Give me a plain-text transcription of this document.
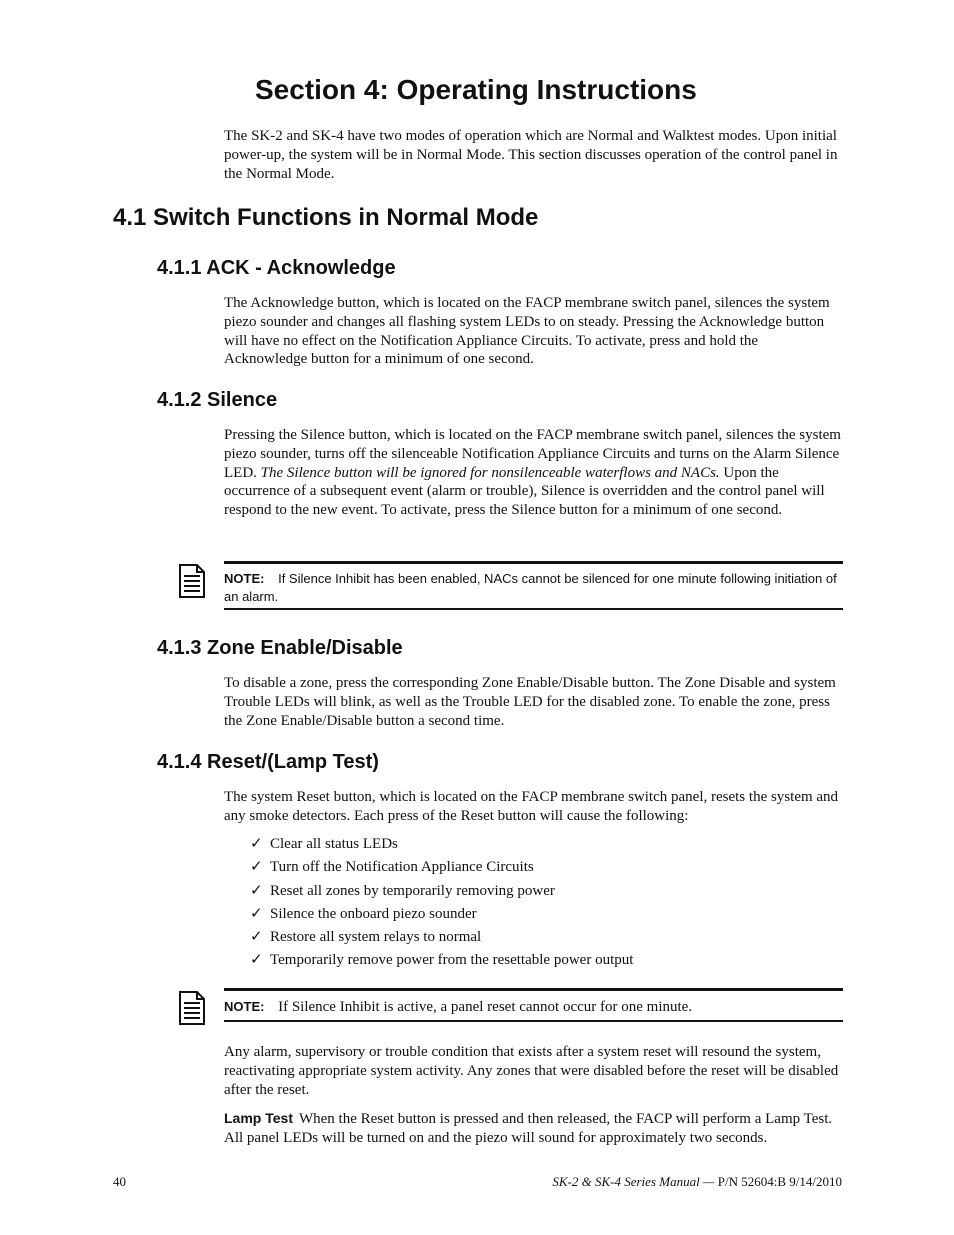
Section 4: Operating Instructions

The SK-2 and SK-4 have two modes of operation which are Normal and Walktest modes. Upon initial power-up, the system will be in Normal Mode. This section discusses operation of the control panel in the Normal Mode.

4.1 Switch Functions in Normal Mode
4.1.1 ACK - Acknowledge

The Acknowledge button, which is located on the FACP membrane switch panel, silences the system piezo sounder and changes all flashing system LEDs to on steady. Pressing the Acknowledge button will have no effect on the Notification Appliance Circuits. To activate, press and hold the Acknowledge button for a minimum of one second.

4.1.2 Silence

Pressing the Silence button, which is located on the FACP membrane switch panel, silences the system piezo sounder, turns off the silenceable Notification Appliance Circuits and turns on the Alarm Silence LED. The Silence button will be ignored for nonsilenceable waterflows and NACs. Upon the occurrence of a subsequent event (alarm or trouble), Silence is overridden and the control panel will respond to the new event. To activate, press the Silence button for a minimum of one second.

NOTE: If Silence Inhibit has been enabled, NACs cannot be silenced for one minute following initiation of an alarm.

4.1.3 Zone Enable/Disable

To disable a zone, press the corresponding Zone Enable/Disable button. The Zone Disable and system Trouble LEDs will blink, as well as the Trouble LED for the disabled zone. To enable the zone, press the Zone Enable/Disable button a second time.

4.1.4 Reset/(Lamp Test)

The system Reset button, which is located on the FACP membrane switch panel, resets the system and any smoke detectors. Each press of the Reset button will cause the following:

✓ Clear all status LEDs
✓ Turn off the Notification Appliance Circuits
✓ Reset all zones by temporarily removing power
✓ Silence the onboard piezo sounder
✓ Restore all system relays to normal
✓ Temporarily remove power from the resettable power output

NOTE: If Silence Inhibit is active, a panel reset cannot occur for one minute.

Any alarm, supervisory or trouble condition that exists after a system reset will resound the system, reactivating appropriate system activity. Any zones that were disabled before the reset will be disabled after the reset.

Lamp Test When the Reset button is pressed and then released, the FACP will perform a Lamp Test. All panel LEDs will be turned on and the piezo will sound for approximately two seconds.

40	SK-2 & SK-4 Series Manual — P/N 52604:B 9/14/2010
